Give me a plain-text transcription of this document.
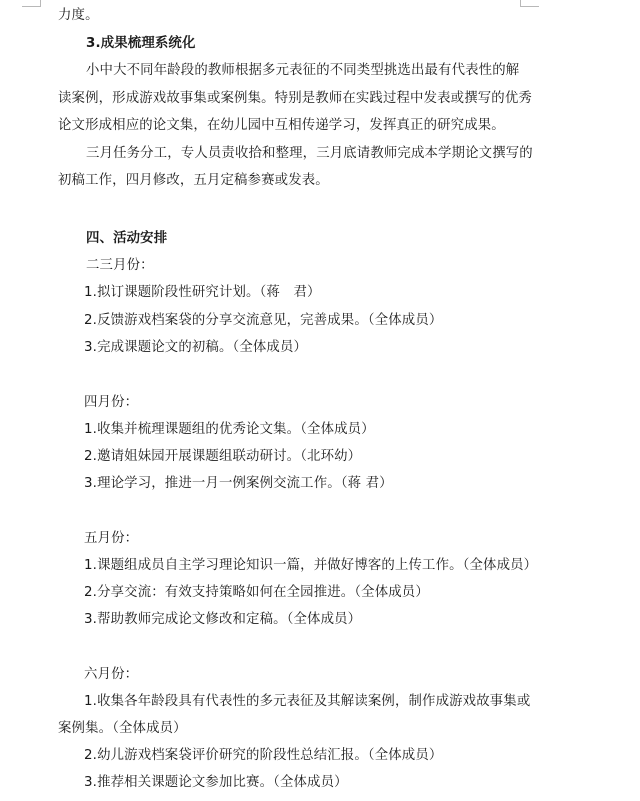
力度。
3.成果梳理系统化
小中大不同年龄段的教师根据多元表征的不同类型挑选出最有代表性的解
读案例，形成游戏故事集或案例集。特别是教师在实践过程中发表或撰写的优秀
论文形成相应的论文集，在幼儿园中互相传递学习，发挥真正的研究成果。
三月任务分工，专人员责收拾和整理，三月底请教师完成本学期论文撰写的
初稿工作，四月修改，五月定稿参赛或发表。
四、活动安排
二三月份：
1.拟订课题阶段性研究计划。（蒋　君）
2.反馈游戏档案袋的分享交流意见，完善成果。（全体成员）
3.完成课题论文的初稿。（全体成员）
四月份：
1.收集并梳理课题组的优秀论文集。（全体成员）
2.邀请姐妹园开展课题组联动研讨。（北环幼）
3.理论学习，推进一月一例案例交流工作。（蒋 君）
五月份：
1.课题组成员自主学习理论知识一篇，并做好博客的上传工作。（全体成员）
2.分享交流：有效支持策略如何在全园推进。（全体成员）
3.帮助教师完成论文修改和定稿。（全体成员）
六月份：
1.收集各年龄段具有代表性的多元表征及其解读案例，制作成游戏故事集或
案例集。（全体成员）
2.幼儿游戏档案袋评价研究的阶段性总结汇报。（全体成员）
3.推荐相关课题论文参加比赛。（全体成员）
